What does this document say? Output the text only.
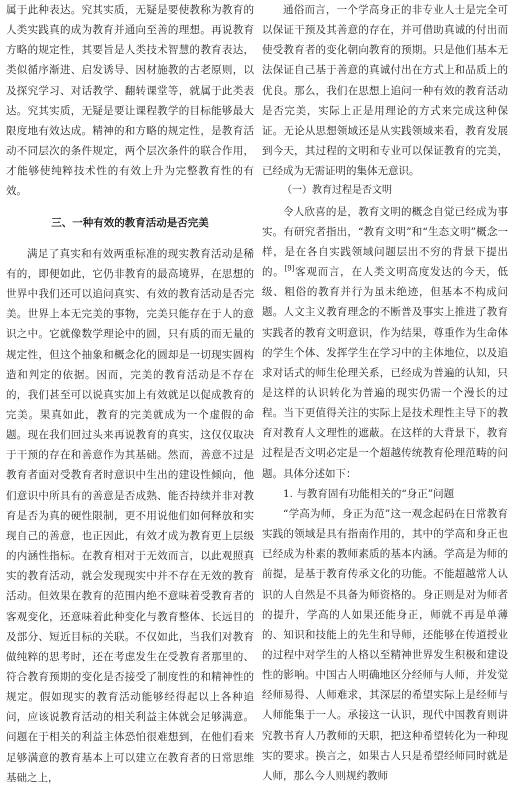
属于此种表达。究其实质，无疑是要使教称为教育的人类实践真的成为教育并通向至善的理想。再说教育方略的规定性，其要旨是人类技术智慧的教育表达，类似循序渐进、启发诱导、因材施教的古老原则，以及探究学习、对话教学、翻转课堂等，就属于此类表达。究其实质，无疑是要让课程教学的目标能够最大限度地有效达成。精神的和方略的规定性，是教育活动不同层次的条件规定，两个层次条件的联合作用，才能够使纯粹技术性的有效上升为完整教育性的有效。

三、一种有效的教育活动是否完美

满足了真实和有效两重标准的现实教育活动是稀有的，即便如此，它仍非教育的最高境界，在思想的世界中我们还可以追问真实、有效的教育活动是否完美。世界上本无完美的事物，完美只能存在于人的意识之中。它就像数学理论中的圆，只有质的而无量的规定性，但这个抽象和概念化的圆却是一切现实圆构造和判定的依据。因而，完美的教育活动是不存在的，我们甚至可以说真实加上有效就足以促成教育的完美。果真如此，教育的完美就成为一个虚假的命题。现在我们回过头来再说教育的真实，这仅仅取决于干预的存在和善意作为其基础。然而，善意不过是教育者面对受教育者时意识中生出的建设性倾向，他们意识中所具有的善意是否成熟、能否持续并非对教育是否为真的硬性限制，更不用说他们如何释放和实现自己的善意，也正因此，有效才成为教育更上层级的内涵性指标。在教育相对于无效而言，以此观照真实的教育活动，就会发现现实中并不存在无效的教育活动。但效果在教育的范围内绝不意味着受教育者的客观变化，还意味着此种变化与教育整体、长远目的及部分、短近目标的关联。不仅如此，当我们对教育做纯粹的思考时，还在考虑发生在受教育者那里的、符合教育预期的变化是否接受了制度性的和精神性的规定。假如现实的教育活动能够经得起以上各种追问，应该说教育活动的相关利益主体就会足够满意。问题在于相关的利益主体恐怕很难想到，在他们看来足够满意的教育基本上可以建立在教育者的日常思维基础之上，

通俗而言，一个学高身正的非专业人士是完全可以保证干预及其善意的存在，并可借助真诚的付出而使受教育者的变化朝向教育的预期。只是他们基本无法保证自己基于善意的真诚付出在方式上和品质上的优良。那么，我们在思想上追问一种有效的教育活动是否完美，实际上正是用理论的方式来完成这种保证。无论从思想领域还是从实践领域来看，教育发展到今天，其过程的文明和专业可以保证教育的完美，已经成为无需证明的集体无意识。

（一）教育过程是否文明

令人欣喜的是，教育文明的概念自觉已经成为事实。有研究者指出，“教育文明”和“生态文明”概念一样，是在各自实践领域问题层出不穷的背景下提出的。[9]客观而言，在人类文明高度发达的今天，低级、粗俗的教育并行为虽未绝迹，但基本不构成问题。人文主义教育理念的不断普及事实上推进了教育实践者的教育文明意识，作为结果，尊重作为生命体的学生个体、发挥学生在学习中的主体地位，以及追求对话式的师生伦理关系，已经成为普遍的认知，只是这样的认识转化为普遍的现实仍需一个漫长的过程。当下更值得关注的实际上是技术理性主导下的教育对教育人文理性的遮蔽。在这样的大背景下，教育过程是否文明必定是一个超越传统教育伦理范畴的问题。具体分述如下：

1. 与教育固有功能相关的“身正”问题

“学高为师，身正为范”这一观念起码在日常教育实践的领域是具有指南作用的，其中的学高和身正也已经成为朴素的教师素质的基本内涵。学高是为师的前提，是基于教育传承文化的功能。不能超越常人认识的人自然是不具备为师资格的。身正则是对为师者的提升，学高的人如果还能身正，师就不再是单薄的、知识和技能上的先生和导师，还能够在传道授业的过程中对学生的人格以至精神世界发生积极和建设性的影响。中国古人明确地区分经师与人师，并发觉经师易得、人师难求，其深层的希望实际上是经师与人师能集于一人。承接这一认识，现代中国教育则讲究教书育人乃教师的天职，把这种希望转化为一种现实的要求。换言之，如果古人只是希望经师同时就是人师，那么今人则规约教师
